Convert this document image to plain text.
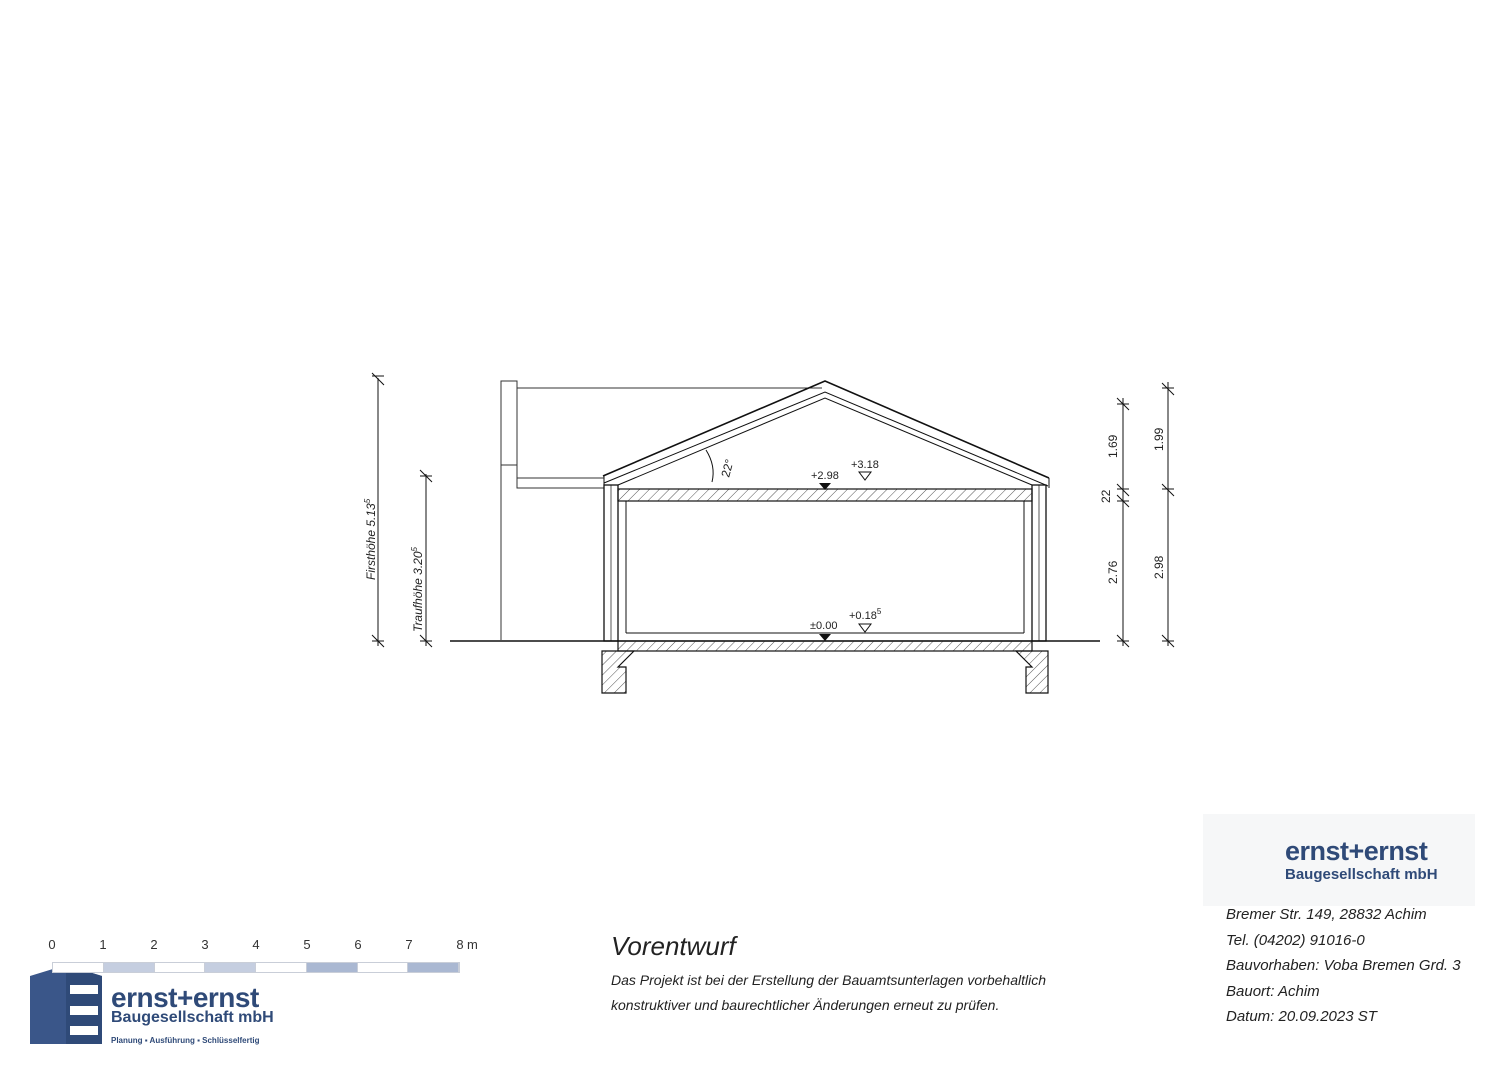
22°	+2.98
+3.18
±0.00
$+0.18^5$
Firsthöhe 5.13$^5$
Traufhöhe 3.20$^5$
1.69
22
2.76
1.99
2.98
0	1	2	3	4	5	6	7	8 m
ernst+ernst
Baugesellschaft mbH
Planung ▪ Ausführung ▪ Schlüsselfertig
Vorentwurf
Das Projekt ist bei der Erstellung der Bauamtsunterlagen vorbehaltlich
konstruktiver und baurechtlicher Änderungen erneut zu prüfen.
ernst+ernst
Baugesellschaft mbH
Bremer Str. 149, 28832 Achim
Tel. (04202) 91016-0
Bauvorhaben: Voba Bremen Grd. 3
Bauort: Achim
Datum: 20.09.2023 ST
